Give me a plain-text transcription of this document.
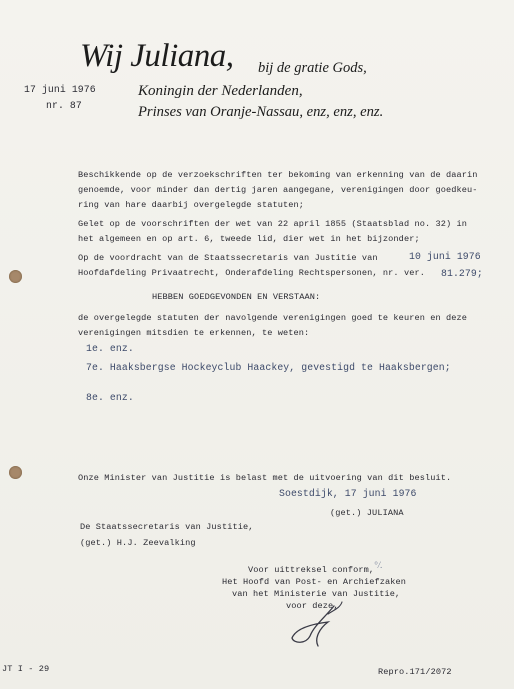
Wij Juliana, bij de gratie Gods,
Koningin der Nederlanden,
Prinses van Oranje-Nassau, enz, enz, enz.
17 juni 1976
nr. 87
Beschikkende op de verzoekschriften ter bekoming van erkenning van de daarin
genoemde, voor minder dan dertig jaren aangegane, verenigingen door goedkeu-
ring van hare daarbij overgelegde statuten;
Gelet op de voorschriften der wet van 22 april 1855 (Staatsblad no. 32) in
het algemeen en op art. 6, tweede lid, dier wet in het bijzonder;
Op de voordracht van de Staatssecretaris van Justitie van	10 juni 1976
Hoofdafdeling Privaatrecht, Onderafdeling Rechtspersonen, nr. ver. 81.279;
HEBBEN GOEDGEVONDEN EN VERSTAAN:
de overgelegde statuten der navolgende verenigingen goed te keuren en deze
verenigingen mitsdien te erkennen, te weten:
1e. enz.
7e. Haaksbergse Hockeyclub Haackey, gevestigd te Haaksbergen;
8e. enz.
Onze Minister van Justitie is belast met de uitvoering van dit besluit.
Soestdijk, 17 juni 1976
(get.) JULIANA
De Staatssecretaris van Justitie,
(get.) H.J. Zeevalking
Voor uittreksel conform, °/.
Het Hoofd van Post- en Archiefzaken
van het Ministerie van Justitie,
voor deze,
JT I - 29	Repro.171/2072
